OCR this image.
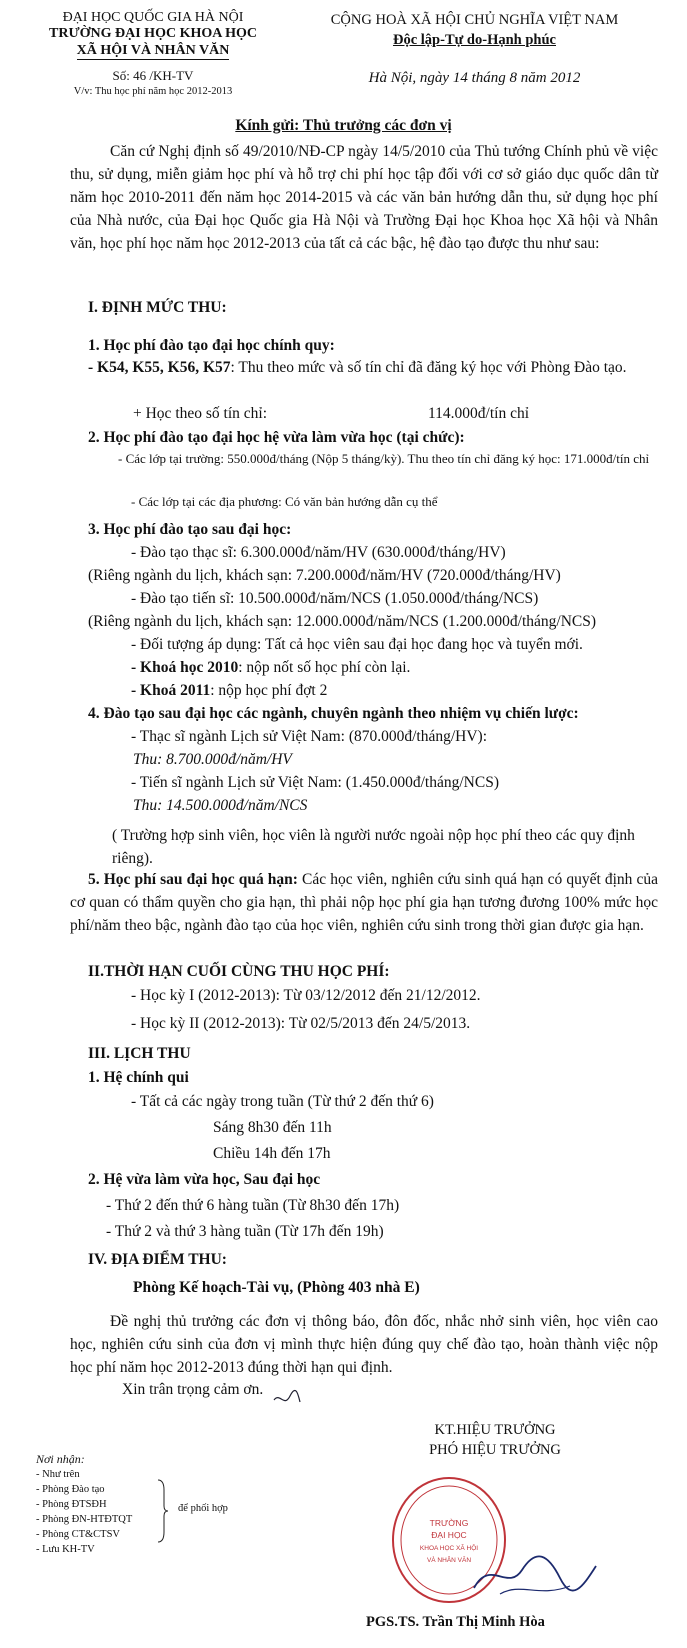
ĐẠI HỌC QUỐC GIA HÀ NỘI
TRƯỜNG ĐẠI HỌC KHOA HỌC
XÃ HỘI VÀ NHÂN VĂN
Số: 46 /KH-TV
V/v: Thu học phí năm học 2012-2013
CỘNG HOÀ XÃ HỘI CHỦ NGHĨA VIỆT NAM
Độc lập-Tự do-Hạnh phúc
Hà Nội, ngày 14 tháng 8 năm 2012
Kính gửi: Thủ trưởng các đơn vị
Căn cứ Nghị định số 49/2010/NĐ-CP ngày 14/5/2010 của Thủ tướng Chính phủ về việc thu, sử dụng, miễn giảm học phí và hỗ trợ chi phí học tập đối với cơ sở giáo dục quốc dân từ năm học 2010-2011 đến năm học 2014-2015 và các văn bản hướng dẫn thu, sử dụng học phí của Nhà nước, của Đại học Quốc gia Hà Nội và Trường Đại học Khoa học Xã hội và Nhân văn, học phí học năm học 2012-2013 của tất cả các bậc, hệ đào tạo được thu như sau:
I. ĐỊNH MỨC THU:
1. Học phí đào tạo đại học chính quy:
- K54, K55, K56, K57: Thu theo mức và số tín chỉ đã đăng ký học với Phòng Đào tạo.
+ Học theo số tín chỉ:	114.000đ/tín chỉ
2. Học phí đào tạo đại học hệ vừa làm vừa học (tại chức):
- Các lớp tại trường: 550.000đ/tháng (Nộp 5 tháng/kỳ). Thu theo tín chỉ đăng ký học: 171.000đ/tín chỉ
- Các lớp tại các địa phương: Có văn bản hướng dẫn cụ thể
3. Học phí đào tạo sau đại học:
- Đào tạo thạc sĩ: 6.300.000đ/năm/HV (630.000đ/tháng/HV)
(Riêng ngành du lịch, khách sạn: 7.200.000đ/năm/HV (720.000đ/tháng/HV)
- Đào tạo tiến sĩ: 10.500.000đ/năm/NCS (1.050.000đ/tháng/NCS)
(Riêng ngành du lịch, khách sạn: 12.000.000đ/năm/NCS (1.200.000đ/tháng/NCS)
- Đối tượng áp dụng: Tất cả học viên sau đại học đang học và tuyển mới.
- Khoá học 2010: nộp nốt số học phí còn lại.
- Khoá 2011: nộp học phí đợt 2
4. Đào tạo sau đại học các ngành, chuyên ngành theo nhiệm vụ chiến lược:
- Thạc sĩ ngành Lịch sử Việt Nam: (870.000đ/tháng/HV):
Thu: 8.700.000đ/năm/HV
- Tiến sĩ ngành Lịch sử Việt Nam: (1.450.000đ/tháng/NCS)
Thu: 14.500.000đ/năm/NCS
( Trường hợp sinh viên, học viên là người nước ngoài nộp học phí theo các quy định riêng).
5. Học phí sau đại học quá hạn: Các học viên, nghiên cứu sinh quá hạn có quyết định của cơ quan có thẩm quyền cho gia hạn, thì phải nộp học phí gia hạn tương đương 100% mức học phí/năm theo bậc, ngành đào tạo của học viên, nghiên cứu sinh trong thời gian được gia hạn.
II.THỜI HẠN CUỐI CÙNG THU HỌC PHÍ:
- Học kỳ I (2012-2013): Từ 03/12/2012 đến 21/12/2012.
- Học kỳ II (2012-2013): Từ 02/5/2013 đến 24/5/2013.
III. LỊCH THU
1. Hệ chính qui
- Tất cả các ngày trong tuần (Từ thứ 2 đến thứ 6)
Sáng 8h30 đến 11h
Chiều 14h đến 17h
2. Hệ vừa làm vừa học, Sau đại học
- Thứ 2 đến thứ 6 hàng tuần (Từ 8h30 đến 17h)
- Thứ 2 và thứ 3 hàng tuần (Từ 17h đến 19h)
IV. ĐỊA ĐIỂM THU:
Phòng Kế hoạch-Tài vụ, (Phòng 403 nhà E)
Đề nghị thủ trưởng các đơn vị thông báo, đôn đốc, nhắc nhở sinh viên, học viên cao học, nghiên cứu sinh của đơn vị mình thực hiện đúng quy chế đào tạo, hoàn thành việc nộp học phí năm học 2012-2013 đúng thời hạn qui định.
Xin trân trọng cảm ơn.
KT.HIỆU TRƯỞNG
PHÓ HIỆU TRƯỞNG
TRƯỜNG
ĐẠI HỌC
KHOA HỌC XÃ HỘI
VÀ NHÂN VĂN
PGS.TS. Trần Thị Minh Hòa
Nơi nhận:
- Như trên
- Phòng Đào tạo
- Phòng ĐTSĐH
- Phòng ĐN-HTĐTQT
- Phòng CT&CTSV
- Lưu KH-TV
để phối hợp
